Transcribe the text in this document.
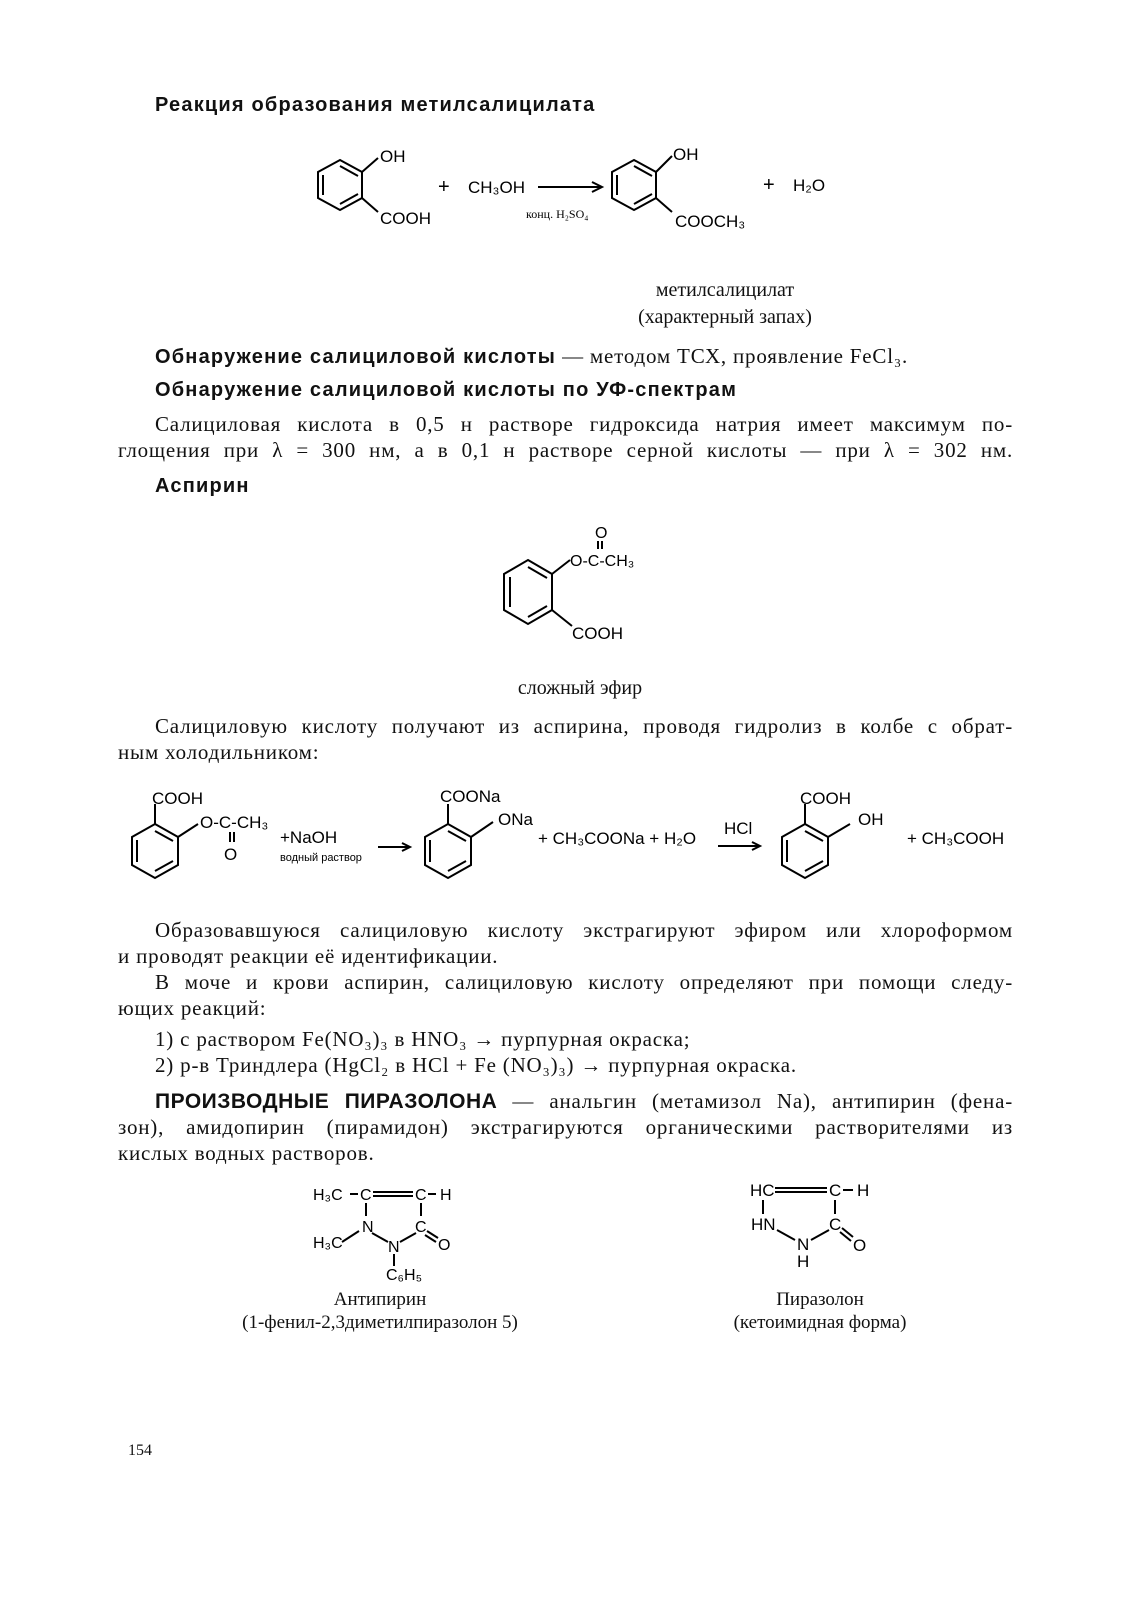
Реакция образования метилсалицилата
OH
COOH
+ CH₃OH
конц. H₂SO₄
OH
COOCH₃
+ H₂O
метилсалицилат
(характерный запах)
Обнаружение салициловой кислоты — методом ТСХ, проявление FeCl₃.
Обнаружение салициловой кислоты по УФ-спектрам
Салициловая кислота в 0,5 н растворе гидроксида натрия имеет максимум по-
глощения при λ = 300 нм, а в 0,1 н растворе серной кислоты — при λ = 302 нм.
Аспирин
O
O-C-CH₃
COOH
сложный эфир
Салициловую кислоту получают из аспирина, проводя гидролиз в колбе с обрат-
ным холодильником:
COOH
O-C-CH₃
O
+NaOH
водный раствор
COONa
ONa
+ CH₃COONa + H₂O
HCl
COOH
OH
+ CH₃COOH
Образовавшуюся салициловую кислоту экстрагируют эфиром или хлороформом
и проводят реакции её идентификации.
В моче и крови аспирин, салициловую кислоту определяют при помощи следу-
ющих реакций:
1) с раствором Fe(NO₃)₃ в HNO₃ → пурпурная окраска;
2) р-в Триндлера (HgCl₂ в HCl + Fe (NO₃)₃) → пурпурная окраска.
ПРОИЗВОДНЫЕ ПИРАЗОЛОНА — анальгин (метамизол Na), антипирин (фена-
зон), амидопирин (пирамидон) экстрагируются органическими растворителями из
кислых водных растворов.
H₃C C	C H
N	C
H₃C	N O
C₆H₅
Антипирин
(1-фенил-2,3диметилпиразолон 5)
HC	C H
HN	C
N
H
O
Пиразолон
(кетоимидная форма)
154
